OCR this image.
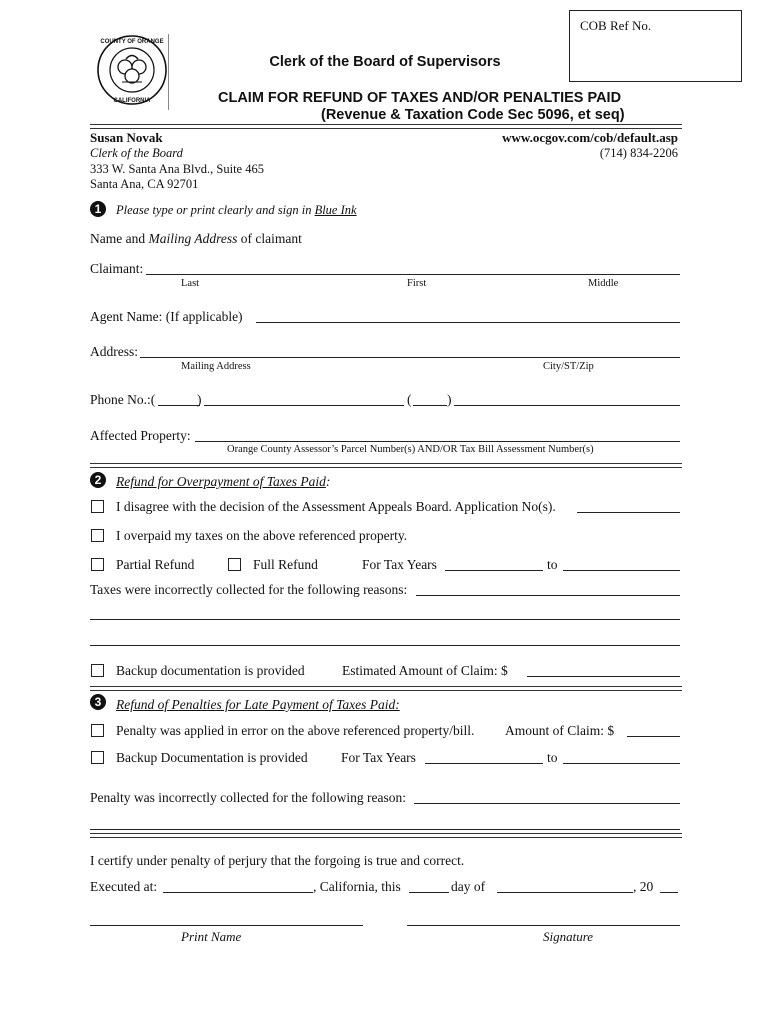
COB Ref No.
COUNTY OF ORANGE
CALIFORNIA
Clerk of the Board of Supervisors
CLAIM FOR REFUND OF TAXES AND/OR PENALTIES PAID
(Revenue & Taxation Code Sec 5096, et seq)
Susan Novak
Clerk of the Board
333 W. Santa Ana Blvd., Suite 465
Santa Ana, CA 92701
www.ocgov.com/cob/default.asp
(714) 834-2206
1	Please type or print clearly and sign in Blue Ink
Name and Mailing Address of claimant
Claimant:
Last	First	Middle
Agent Name: (If applicable)
Address:
Mailing Address	City/ST/Zip
Phone No.:(	)	(	)
Affected Property:
Orange County Assessor’s Parcel Number(s) AND/OR Tax Bill Assessment Number(s)
2	Refund for Overpayment of Taxes Paid:
I disagree with the decision of the Assessment Appeals Board. Application No(s).
I overpaid my taxes on the above referenced property.
Partial Refund	Full Refund	For Tax Years	to
Taxes were incorrectly collected for the following reasons:
Backup documentation is provided	Estimated Amount of Claim: $
3	Refund of Penalties for Late Payment of Taxes Paid:
Penalty was applied in error on the above referenced property/bill. Amount of Claim: $
Backup Documentation is provided For Tax Years	to
Penalty was incorrectly collected for the following reason:
I certify under penalty of perjury that the forgoing is true and correct.
Executed at:	, California, this	day of	, 20
Print Name	Signature
